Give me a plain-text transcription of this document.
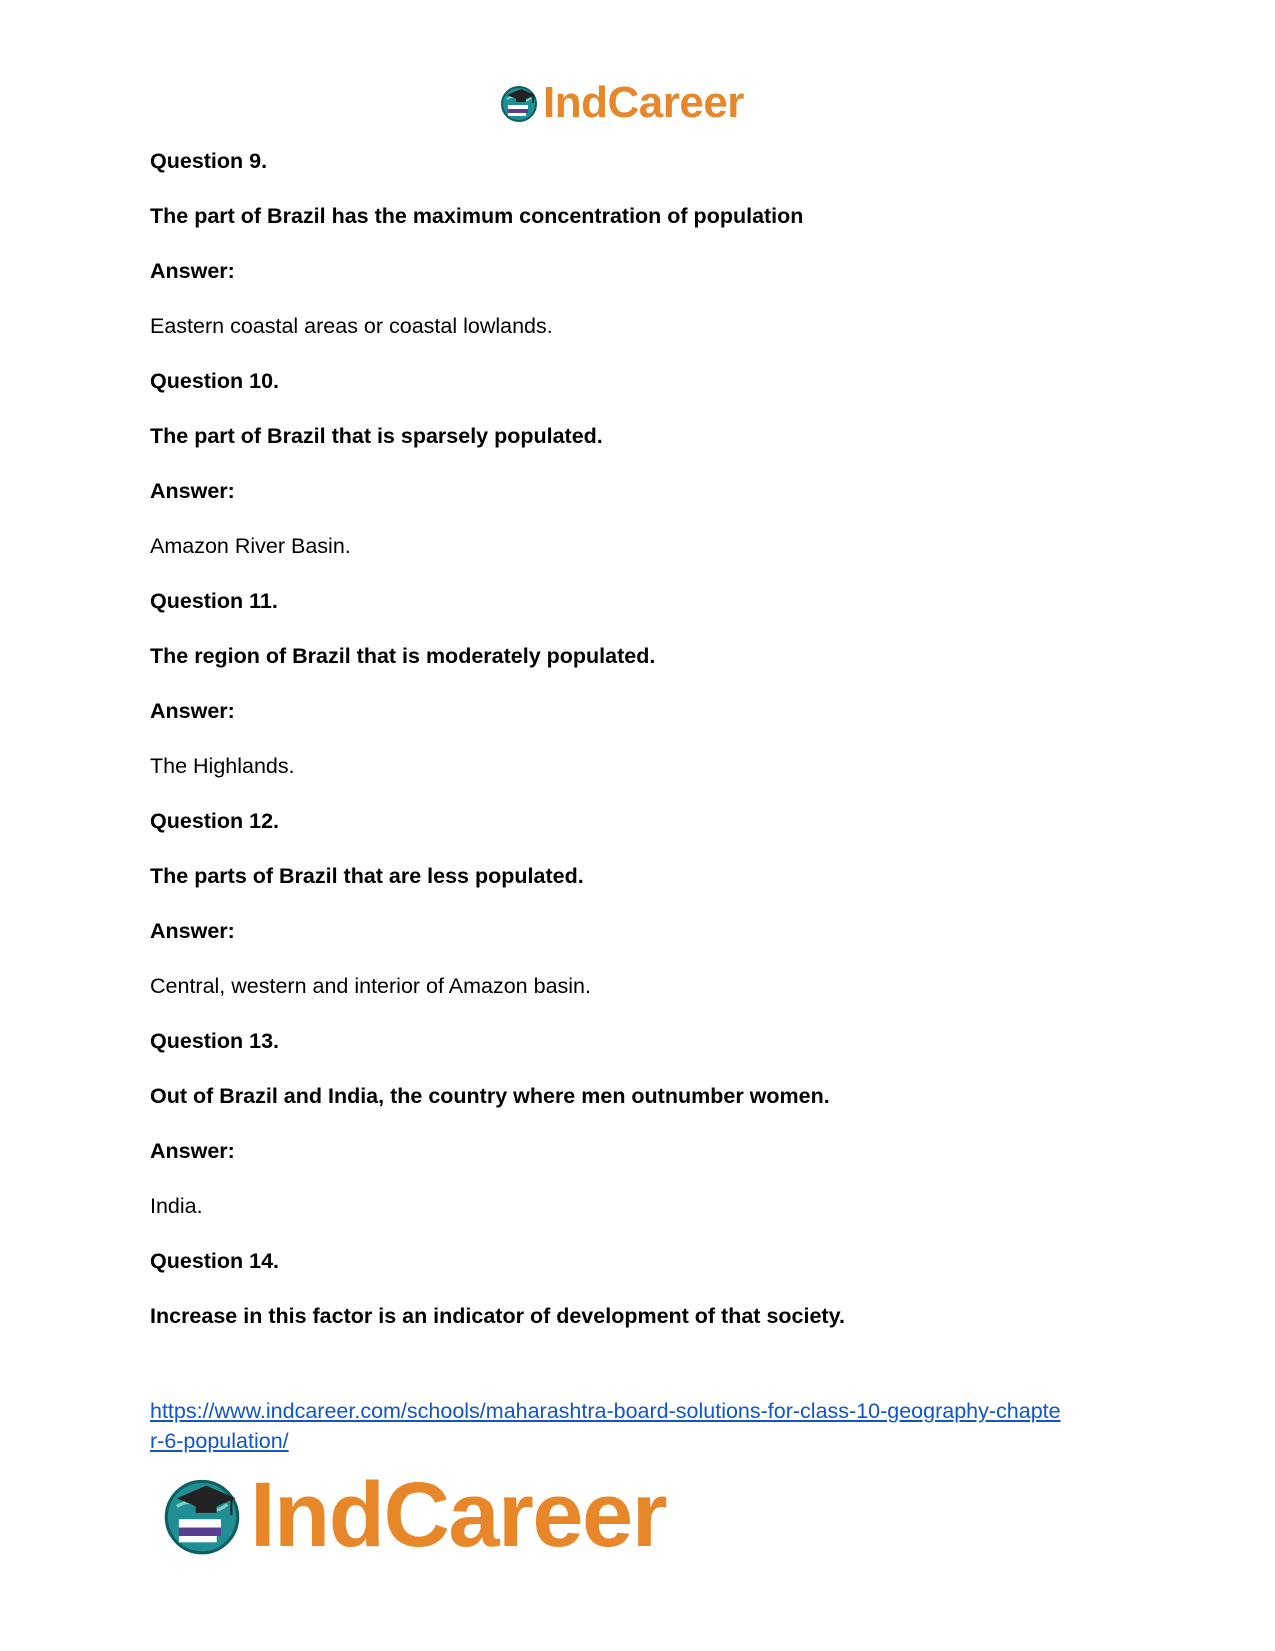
IndCareer
Question 9.
The part of Brazil has the maximum concentration of population
Answer:
Eastern coastal areas or coastal lowlands.
Question 10.
The part of Brazil that is sparsely populated.
Answer:
Amazon River Basin.
Question 11.
The region of Brazil that is moderately populated.
Answer:
The Highlands.
Question 12.
The parts of Brazil that are less populated.
Answer:
Central, western and interior of Amazon basin.
Question 13.
Out of Brazil and India, the country where men outnumber women.
Answer:
India.
Question 14.
Increase in this factor is an indicator of development of that society.
https://www.indcareer.com/schools/maharashtra-board-solutions-for-class-10-geography-chapte
r-6-population/
IndCareer
